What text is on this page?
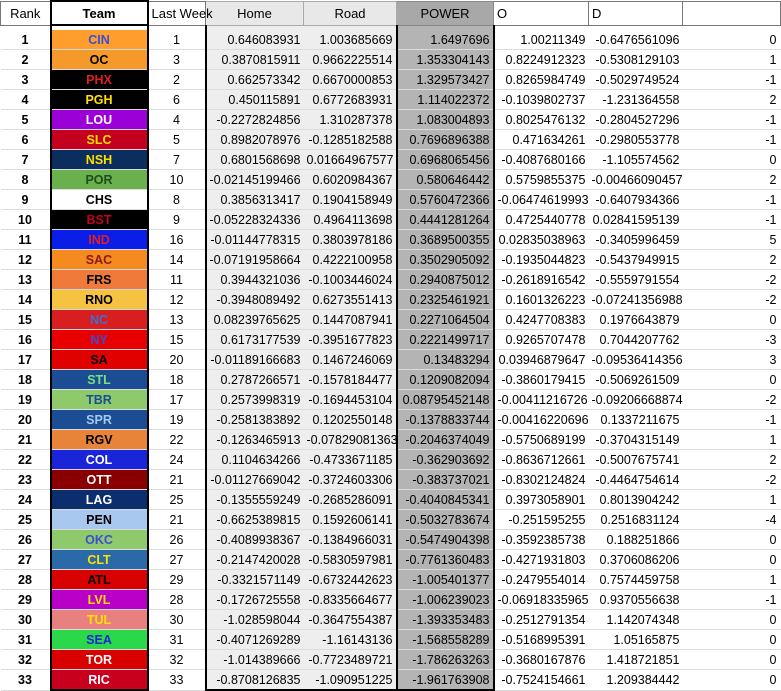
Rank	Team	Last Week	Home	Road	POWER	O	D	

1	CIN	1	0.646083931	1.003685669	1.6497696	1.00211349	-0.6476561096	0
2	OC	3	0.3870815911	0.9662225514	1.353304143	0.8224912323	-0.5308129103	1
3	PHX	2	0.662573342	0.6670000853	1.329573427	0.8265984749	-0.5029749524	-1
4	PGH	6	0.450115891	0.6772683931	1.114022372	-0.1039802737	-1.231364558	2
5	LOU	4	-0.2272824856	1.310287378	1.083004893	0.8025476132	-0.2804527296	-1
6	SLC	5	0.8982078976	-0.1285182588	0.7696896388	0.471634261	-0.2980553778	-1
7	NSH	7	0.6801568698	0.01664967577	0.6968065456	-0.4087680166	-1.105574562	0
8	POR	10	-0.02145199466	0.6020984367	0.580646442	0.5759855375	-0.00466090457	2
9	CHS	8	0.3856313417	0.1904158949	0.5760472366	-0.06474619993	-0.6407934366	-1
10	BST	9	-0.05228324336	0.4964113698	0.4441281264	0.4725440778	0.02841595139	-1
11	IND	16	-0.01144778315	0.3803978186	0.3689500355	0.02835038963	-0.3405996459	5
12	SAC	14	-0.07191958664	0.4222100958	0.3502905092	-0.1935044823	-0.5437949915	2
13	FRS	11	0.3944321036	-0.1003446024	0.2940875012	-0.2618916542	-0.5559791554	-2
14	RNO	12	-0.3948089492	0.6273551413	0.2325461921	0.1601326223	-0.07241356988	-2
15	NC	13	0.08239765625	0.1447087941	0.2271064504	0.4247708383	0.1976643879	0
16	NY	15	0.6173177539	-0.3951677823	0.2221499717	0.9265707478	0.7044207762	-3
17	SA	20	-0.01189166683	0.1467246069	0.13483294	0.03946879647	-0.09536414356	3
18	STL	18	0.2787266571	-0.1578184477	0.1209082094	-0.3860179415	-0.5069261509	0
19	TBR	17	0.2573998319	-0.1694453104	0.08795452148	-0.00411216726	-0.09206668874	-2
20	SPR	19	-0.2581383892	0.1202550148	-0.1378833744	-0.00416220696	0.1337211675	-1
21	RGV	22	-0.1263465913	-0.07829081363	-0.2046374049	-0.5750689199	-0.3704315149	1
22	COL	24	0.1104634266	-0.4733671185	-0.362903692	-0.8636712661	-0.5007675741	2
23	OTT	21	-0.01127669042	-0.3724603306	-0.383737021	-0.8302124824	-0.4464754614	-2
24	LAG	25	-0.1355559249	-0.2685286091	-0.4040845341	0.3973058901	0.8013904242	1
25	PEN	21	-0.6625389815	0.1592606141	-0.5032783674	-0.251595255	0.2516831124	-4
26	OKC	26	-0.4089938367	-0.1384966031	-0.5474904398	-0.3592385738	0.188251866	0
27	CLT	27	-0.2147420028	-0.5830597981	-0.7761360483	-0.4271931803	0.3706086206	0
28	ATL	29	-0.3321571149	-0.6732442623	-1.005401377	-0.2479554014	0.7574459758	1
29	LVL	28	-0.1726725558	-0.8335664677	-1.006239023	-0.06918335965	0.9370556638	-1
30	TUL	30	-1.028598044	-0.3647554387	-1.393353483	-0.2512791354	1.142074348	0
31	SEA	31	-0.4071269289	-1.16143136	-1.568558289	-0.5168995391	1.05165875	0
32	TOR	32	-1.014389666	-0.7723489721	-1.786263263	-0.3680167876	1.418721851	0
33	RIC	33	-0.8708126835	-1.090951225	-1.961763908	-0.7524154661	1.209384442	0
